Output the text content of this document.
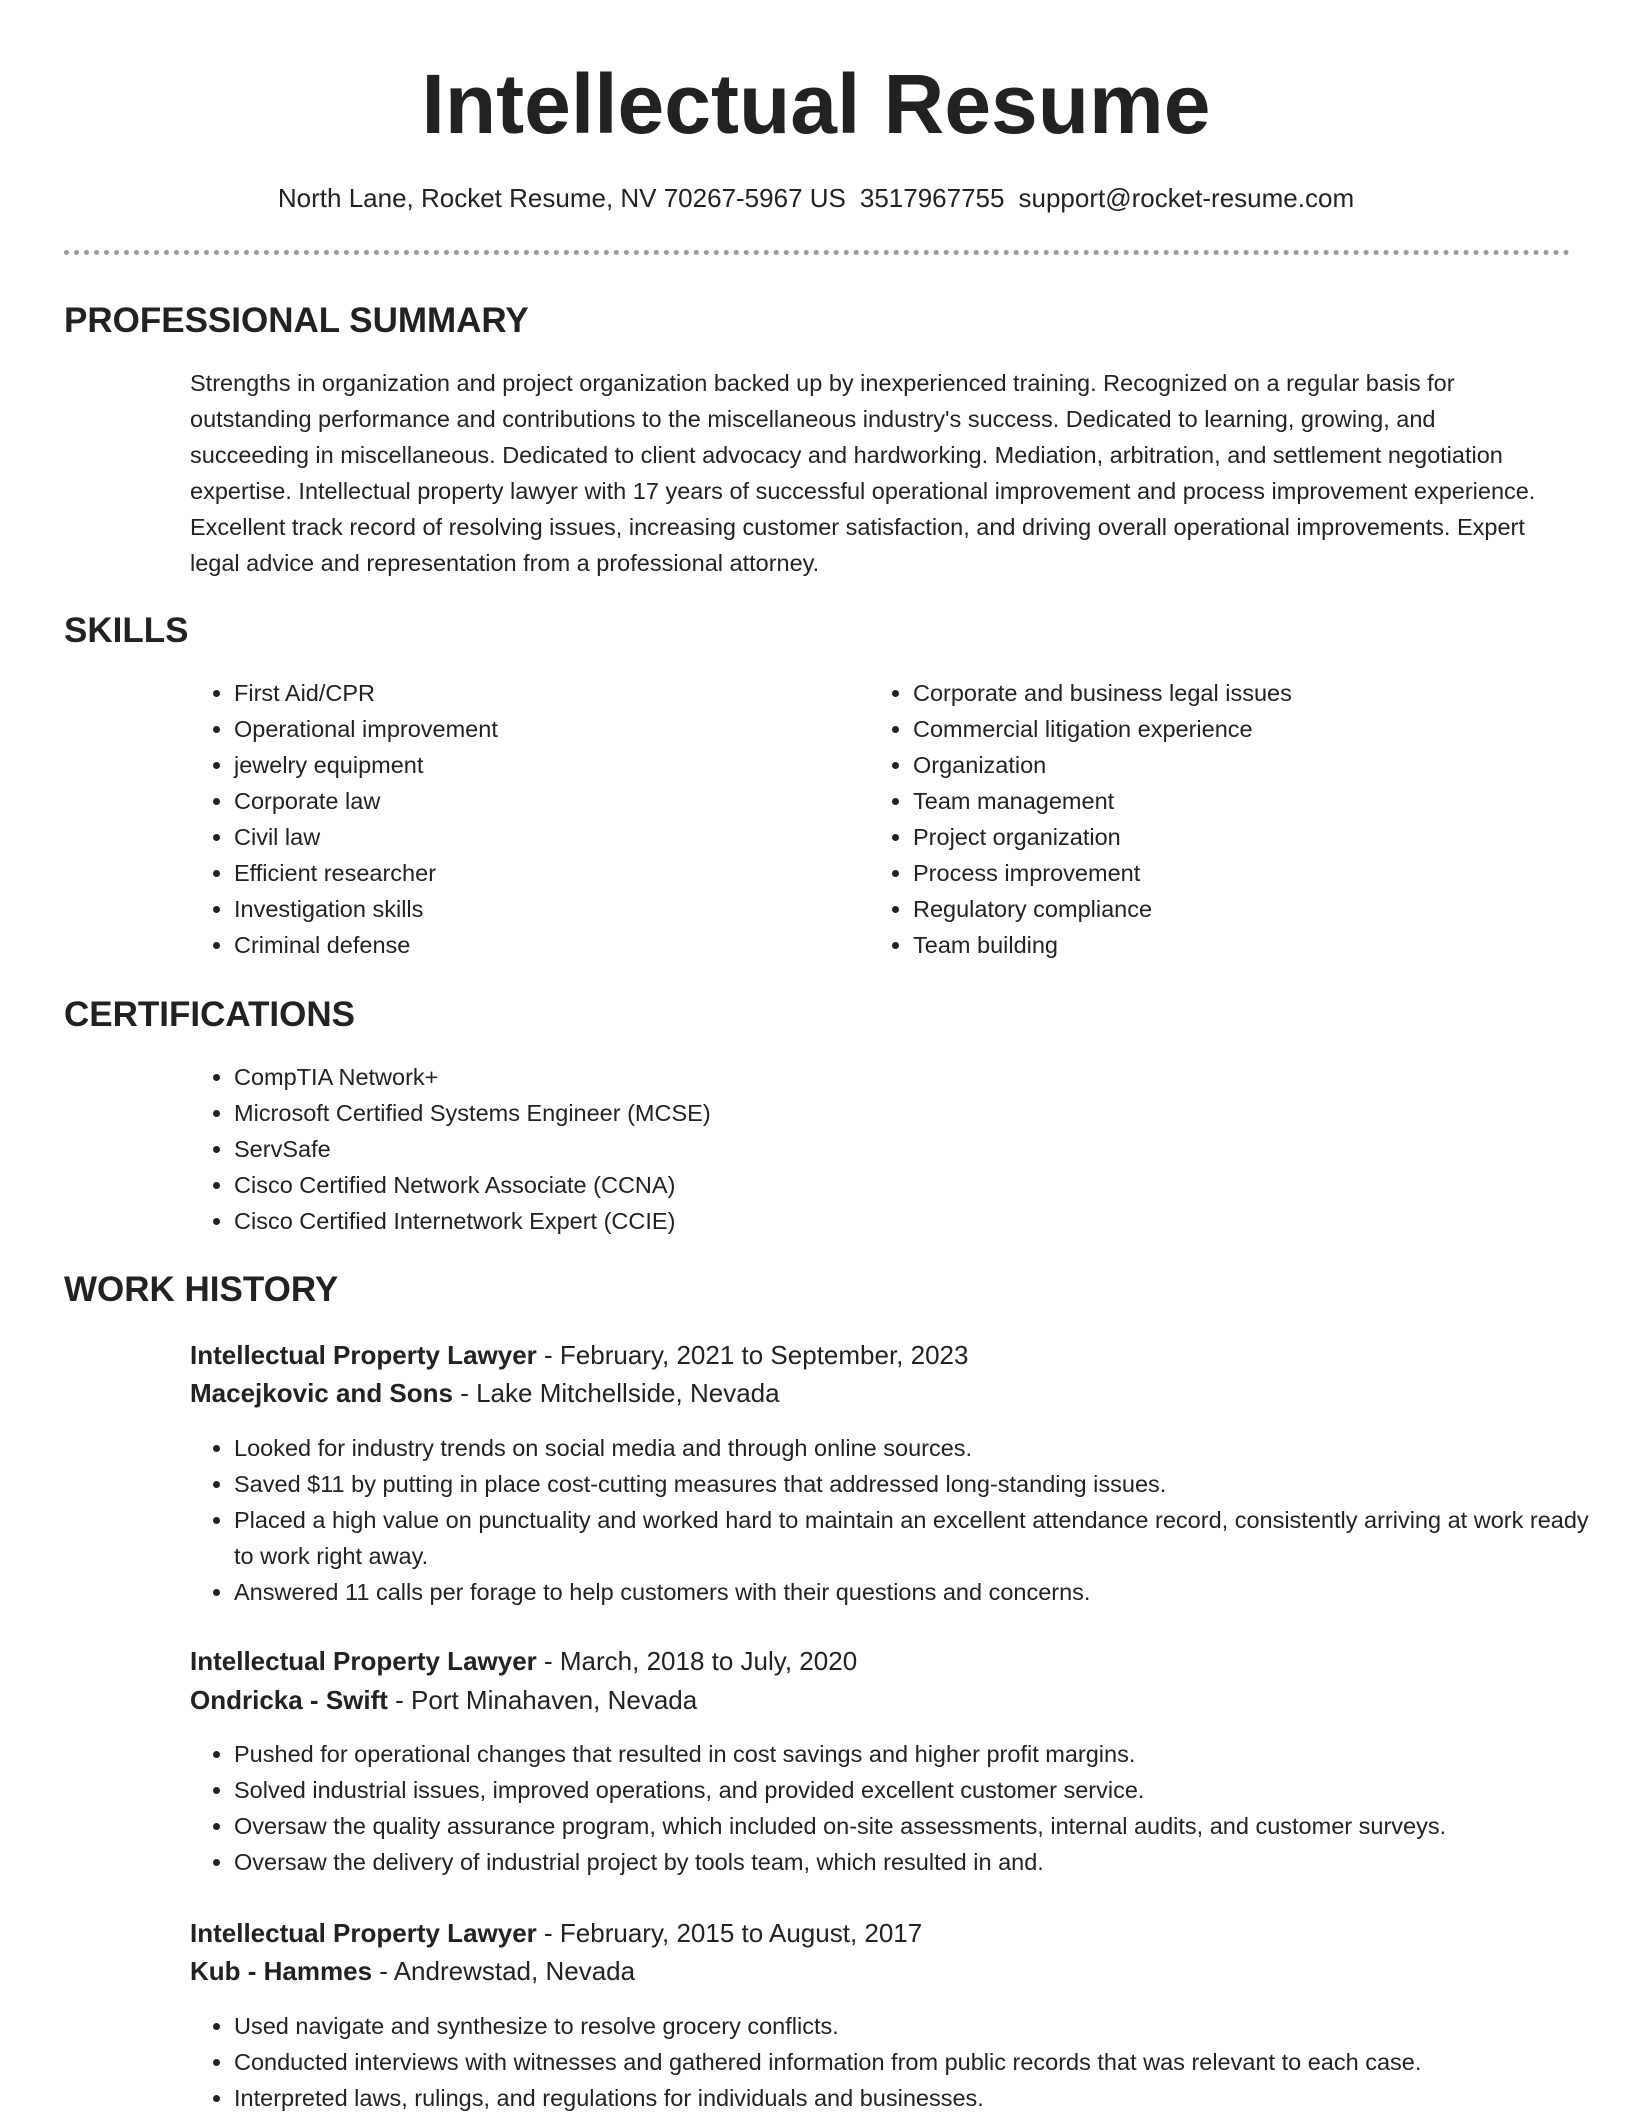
Intellectual Resume
North Lane, Rocket Resume, NV 70267-5967 US 3517967755 support@rocket-resume.com
PROFESSIONAL SUMMARY

Strengths in organization and project organization backed up by inexperienced training. Recognized on a regular basis for outstanding performance and contributions to the miscellaneous industry's success. Dedicated to learning, growing, and succeeding in miscellaneous. Dedicated to client advocacy and hardworking. Mediation, arbitration, and settlement negotiation expertise. Intellectual property lawyer with 17 years of successful operational improvement and process improvement experience. Excellent track record of resolving issues, increasing customer satisfaction, and driving overall operational improvements. Expert legal advice and representation from a professional attorney.

SKILLS
• First Aid/CPR
• Operational improvement
• jewelry equipment
• Corporate law
• Civil law
• Efficient researcher
• Investigation skills
• Criminal defense
• Corporate and business legal issues
• Commercial litigation experience
• Organization
• Team management
• Project organization
• Process improvement
• Regulatory compliance
• Team building
CERTIFICATIONS
• CompTIA Network+
• Microsoft Certified Systems Engineer (MCSE)
• ServSafe
• Cisco Certified Network Associate (CCNA)
• Cisco Certified Internetwork Expert (CCIE)
WORK HISTORY
Intellectual Property Lawyer - February, 2021 to September, 2023
Macejkovic and Sons - Lake Mitchellside, Nevada
• Looked for industry trends on social media and through online sources.
• Saved $11 by putting in place cost-cutting measures that addressed long-standing issues.
• Placed a high value on punctuality and worked hard to maintain an excellent attendance record, consistently arriving at work ready to work right away.
• Answered 11 calls per forage to help customers with their questions and concerns.
Intellectual Property Lawyer - March, 2018 to July, 2020
Ondricka - Swift - Port Minahaven, Nevada
• Pushed for operational changes that resulted in cost savings and higher profit margins.
• Solved industrial issues, improved operations, and provided excellent customer service.
• Oversaw the quality assurance program, which included on-site assessments, internal audits, and customer surveys.
• Oversaw the delivery of industrial project by tools team, which resulted in and.
Intellectual Property Lawyer - February, 2015 to August, 2017
Kub - Hammes - Andrewstad, Nevada
• Used navigate and synthesize to resolve grocery conflicts.
• Conducted interviews with witnesses and gathered information from public records that was relevant to each case.
• Interpreted laws, rulings, and regulations for individuals and businesses.
